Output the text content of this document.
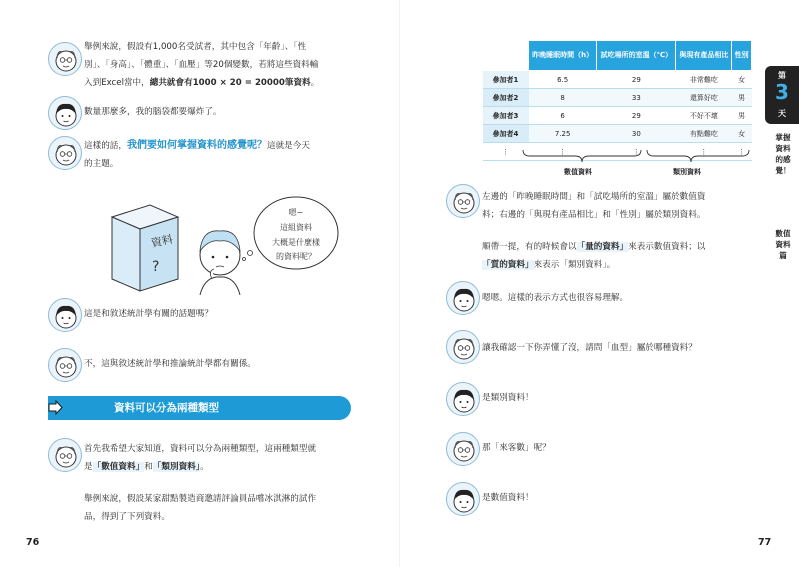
舉例來說，假設有1,000名受試者，其中包含「年齡」、「性
別」、「身高」、「體重」、「血壓」等20個變數，若將這些資料輸
入到Excel當中，總共就會有1000 × 20 = 20000筆資料。
數量那麼多，我的腦袋都要爆炸了。
這樣的話，我們要如何掌握資料的感覺呢？這就是今天
的主題。
資料
?
嗯~
這組資料
大概是什麼樣
的資料呢？
這是和敘述統計學有關的話題嗎？
不，這與敘述統計學和推論統計學都有關係。
資料可以分為兩種類型
首先我希望大家知道，資料可以分為兩種類型，這兩種類型就
是「數值資料」和「類別資料」。
舉例來說，假設某家甜點製造商邀請評論員品嚐冰淇淋的試作
品，得到了下列資料。
76
	昨晚睡眠時間（h）	試吃場所的室溫（℃）	與現有產品相比	性別
參加者1	6.5	29	非常難吃	女
參加者2	8	33	還算好吃	男
參加者3	6	29	不好不壞	男
參加者4	7.25	30	有點難吃	女
⋮	⋮	⋮	⋮	⋮
數值資料	類別資料
左邊的「昨晚睡眠時間」和「試吃場所的室溫」屬於數值資
料；右邊的「與現有產品相比」和「性別」屬於類別資料。
順帶一提，有的時候會以「量的資料」來表示數值資料；以
「質的資料」來表示「類別資料」。
嗯嗯。這樣的表示方式也很容易理解。
讓我確認一下你弄懂了沒，請問「血型」屬於哪種資料？
是類別資料！
那「來客數」呢？
是數值資料！
第
3
天
掌握資料的感覺！
數值資料篇
77
